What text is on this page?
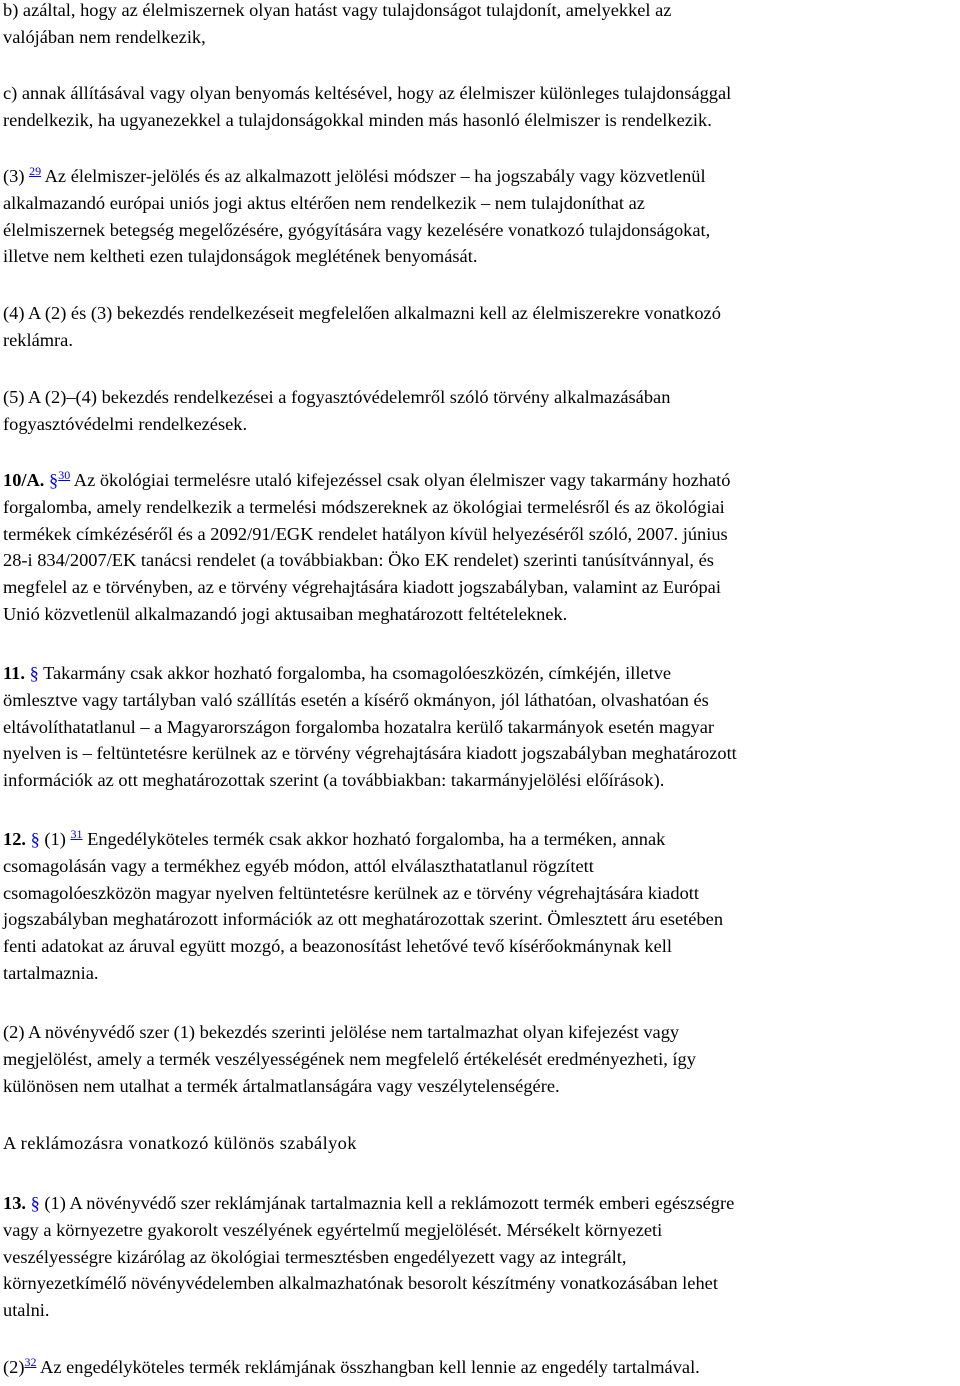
b) azáltal, hogy az élelmiszernek olyan hatást vagy tulajdonságot tulajdonít, amelyekkel az
valójában nem rendelkezik,

c) annak állításával vagy olyan benyomás keltésével, hogy az élelmiszer különleges tulajdonsággal
rendelkezik, ha ugyanezekkel a tulajdonságokkal minden más hasonló élelmiszer is rendelkezik.

(3) $^{29}$ Az élelmiszer-jelölés és az alkalmazott jelölési módszer – ha jogszabály vagy közvetlenül
alkalmazandó európai uniós jogi aktus eltérően nem rendelkezik – nem tulajdoníthat az
élelmiszernek betegség megelőzésére, gyógyítására vagy kezelésére vonatkozó tulajdonságokat,
illetve nem keltheti ezen tulajdonságok meglétének benyomását.

(4) A (2) és (3) bekezdés rendelkezéseit megfelelően alkalmazni kell az élelmiszerekre vonatkozó
reklámra.

(5) A (2)–(4) bekezdés rendelkezései a fogyasztóvédelemről szóló törvény alkalmazásában
fogyasztóvédelmi rendelkezések.

10/A. §$^{30}$ Az ökológiai termelésre utaló kifejezéssel csak olyan élelmiszer vagy takarmány hozható
forgalomba, amely rendelkezik a termelési módszereknek az ökológiai termelésről és az ökológiai
termékek címkézéséről és a 2092/91/EGK rendelet hatályon kívül helyezéséről szóló, 2007. június
28-i 834/2007/EK tanácsi rendelet (a továbbiakban: Öko EK rendelet) szerinti tanúsítvánnyal, és
megfelel az e törvényben, az e törvény végrehajtására kiadott jogszabályban, valamint az Európai
Unió közvetlenül alkalmazandó jogi aktusaiban meghatározott feltételeknek.

11. § Takarmány csak akkor hozható forgalomba, ha csomagolóeszközén, címkéjén, illetve
ömlesztve vagy tartályban való szállítás esetén a kísérő okmányon, jól láthatóan, olvashatóan és
eltávolíthatatlanul – a Magyarországon forgalomba hozatalra kerülő takarmányok esetén magyar
nyelven is – feltüntetésre kerülnek az e törvény végrehajtására kiadott jogszabályban meghatározott
információk az ott meghatározottak szerint (a továbbiakban: takarmányjelölési előírások).

12. § (1) $^{31}$ Engedélyköteles termék csak akkor hozható forgalomba, ha a terméken, annak
csomagolásán vagy a termékhez egyéb módon, attól elválaszthatatlanul rögzített
csomagolóeszközön magyar nyelven feltüntetésre kerülnek az e törvény végrehajtására kiadott
jogszabályban meghatározott információk az ott meghatározottak szerint. Ömlesztett áru esetében
fenti adatokat az áruval együtt mozgó, a beazonosítást lehetővé tevő kísérőokmánynak kell
tartalmaznia.

(2) A növényvédő szer (1) bekezdés szerinti jelölése nem tartalmazhat olyan kifejezést vagy
megjelölést, amely a termék veszélyességének nem megfelelő értékelését eredményezheti, így
különösen nem utalhat a termék ártalmatlanságára vagy veszélytelenségére.

A reklámozásra vonatkozó különös szabályok

13. § (1) A növényvédő szer reklámjának tartalmaznia kell a reklámozott termék emberi egészségre
vagy a környezetre gyakorolt veszélyének egyértelmű megjelölését. Mérsékelt környezeti
veszélyességre kizárólag az ökológiai termesztésben engedélyezett vagy az integrált,
környezetkímélő növényvédelemben alkalmazhatónak besorolt készítmény vonatkozásában lehet
utalni.

(2)$^{32}$ Az engedélyköteles termék reklámjának összhangban kell lennie az engedély tartalmával.
